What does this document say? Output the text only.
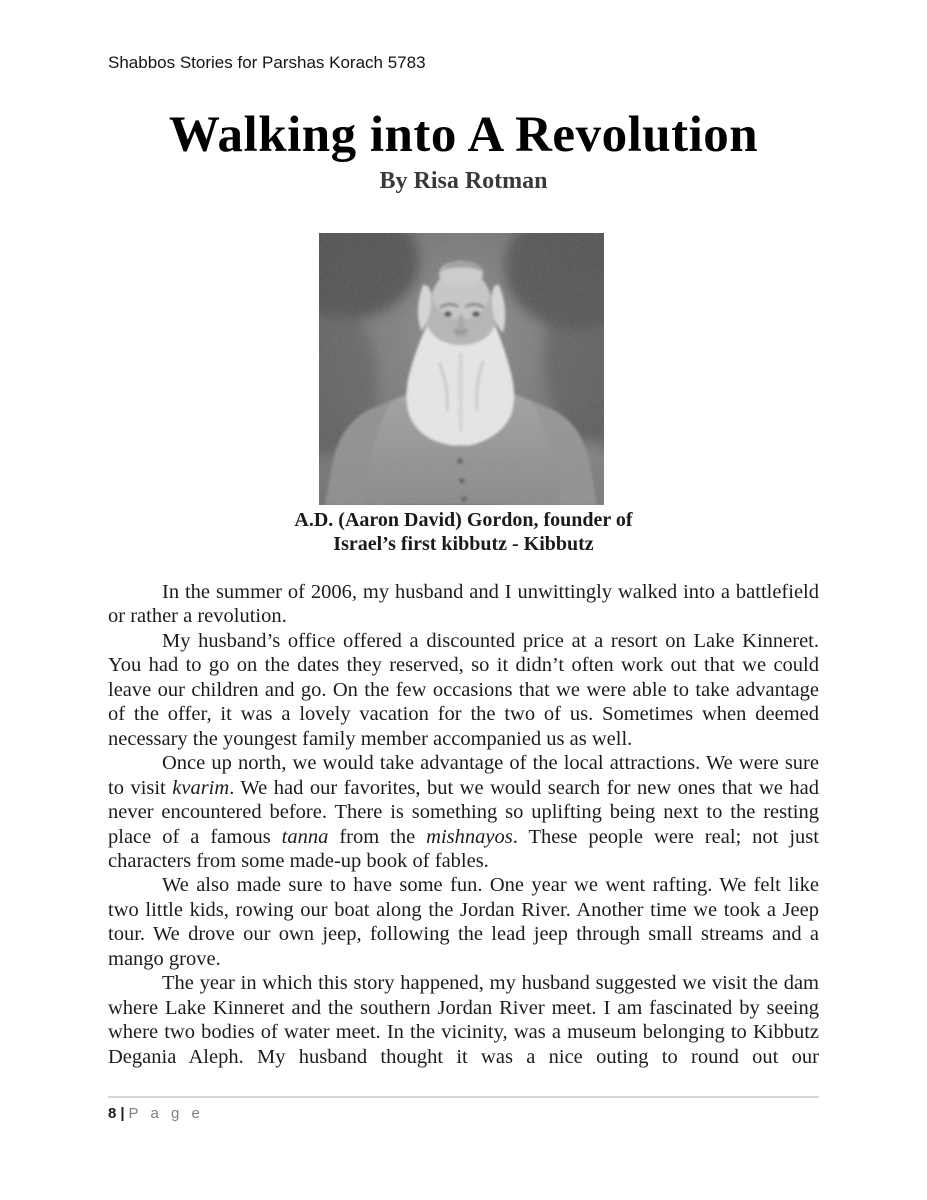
Shabbos Stories for Parshas Korach 5783
Walking into A Revolution
By Risa Rotman
A.D. (Aaron David) Gordon, founder of
Israel’s first kibbutz - Kibbutz

In the summer of 2006, my husband and I unwittingly walked into a battlefield or rather a revolution.

My husband’s office offered a discounted price at a resort on Lake Kinneret. You had to go on the dates they reserved, so it didn’t often work out that we could leave our children and go. On the few occasions that we were able to take advantage of the offer, it was a lovely vacation for the two of us. Sometimes when deemed necessary the youngest family member accompanied us as well.

Once up north, we would take advantage of the local attractions. We were sure to visit kvarim. We had our favorites, but we would search for new ones that we had never encountered before. There is something so uplifting being next to the resting place of a famous tanna from the mishnayos. These people were real; not just characters from some made-up book of fables.

We also made sure to have some fun. One year we went rafting. We felt like two little kids, rowing our boat along the Jordan River. Another time we took a Jeep tour. We drove our own jeep, following the lead jeep through small streams and a mango grove.

The year in which this story happened, my husband suggested we visit the dam where Lake Kinneret and the southern Jordan River meet. I am fascinated by seeing where two bodies of water meet. In the vicinity, was a museum belonging to Kibbutz Degania Aleph. My husband thought it was a nice outing to round out our

8 | P a g e
